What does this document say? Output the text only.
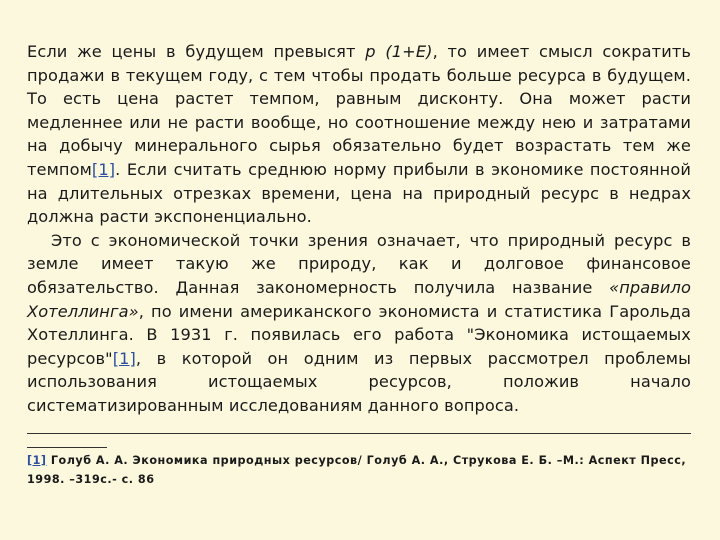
Если же цены в будущем превысят p (1+E), то имеет смысл сократить продажи в текущем году, с тем чтобы продать больше ресурса в будущем. То есть цена растет темпом, равным дисконту. Она может расти медленнее или не расти вообще, но соотношение между нею и затратами на добычу минерального сырья обязательно будет возрастать тем же темпом[1]. Если считать среднюю норму прибыли в экономике постоянной на длительных отрезках времени, цена на природный ресурс в недрах должна расти экспоненциально.

Это с экономической точки зрения означает, что природный ресурс в земле имеет такую же природу, как и долговое финансовое обязательство. Данная закономерность получила название «правило Хотеллинга», по имени американского экономиста и статистика Гарольда Хотеллинга. В 1931 г. появилась его работа "Экономика истощаемых ресурсов"[1], в которой он одним из первых рассмотрел проблемы использования истощаемых ресурсов, положив начало систематизированным исследованиям данного вопроса.

[1] Голуб А. А. Экономика природных ресурсов/ Голуб А. А., Струкова Е. Б. –М.: Аспект Пресс, 1998. –319с.- с. 86
